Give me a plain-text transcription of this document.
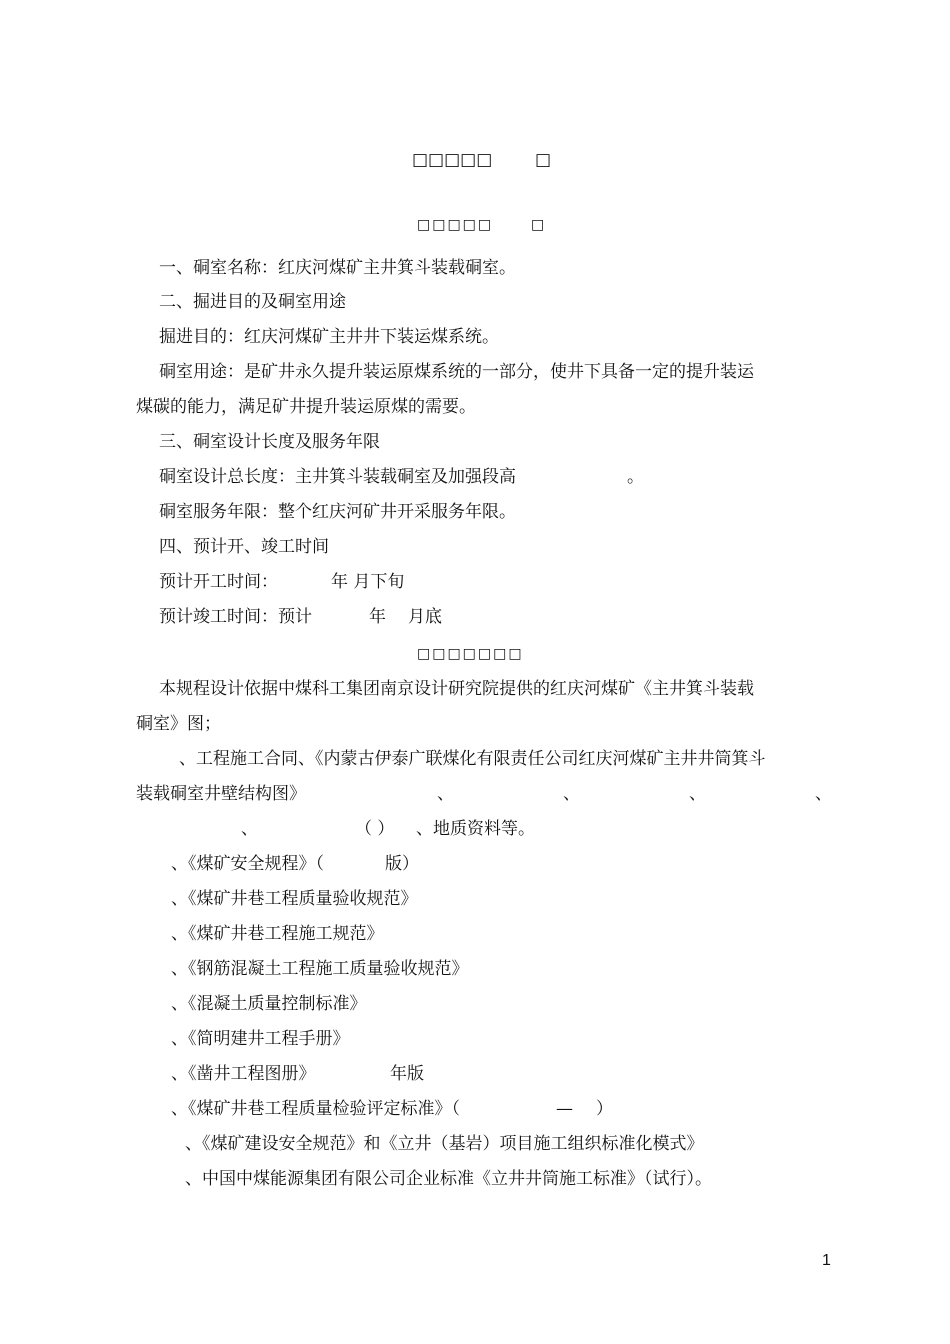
□□□□□	□
□□□□□	□
一、硐室名称：红庆河煤矿主井箕斗装载硐室。
二、掘进目的及硐室用途
掘进目的：红庆河煤矿主井井下装运煤系统。
硐室用途：是矿井永久提升装运原煤系统的一部分，使井下具备一定的提升装运
煤碳的能力，满足矿井提升装运原煤的需要。
三、硐室设计长度及服务年限
硐室设计总长度：主井箕斗装载硐室及加强段高	。
硐室服务年限：整个红庆河矿井开采服务年限。
四、预计开、竣工时间
预计开工时间：	年 月下旬
预计竣工时间：预计	年 月底
□□□□□□□
本规程设计依据中煤科工集团南京设计研究院提供的红庆河煤矿《主井箕斗装载
硐室》图；
、工程施工合同、《内蒙古伊泰广联煤化有限责任公司红庆河煤矿主井井筒箕斗
装载硐室井壁结构图》	、	、	、	、
、	（ ） 、地质资料等。
、《煤矿安全规程》（	版）
、《煤矿井巷工程质量验收规范》
、《煤矿井巷工程施工规范》
、《钢筋混凝土工程施工质量验收规范》
、《混凝土质量控制标准》
、《简明建井工程手册》
、《凿井工程图册》	年版
、《煤矿井巷工程质量检验评定标准》（	— ）
、《煤矿建设安全规范》和《立井（基岩）项目施工组织标准化模式》
、中国中煤能源集团有限公司企业标准《立井井筒施工标准》（试行）。
1
